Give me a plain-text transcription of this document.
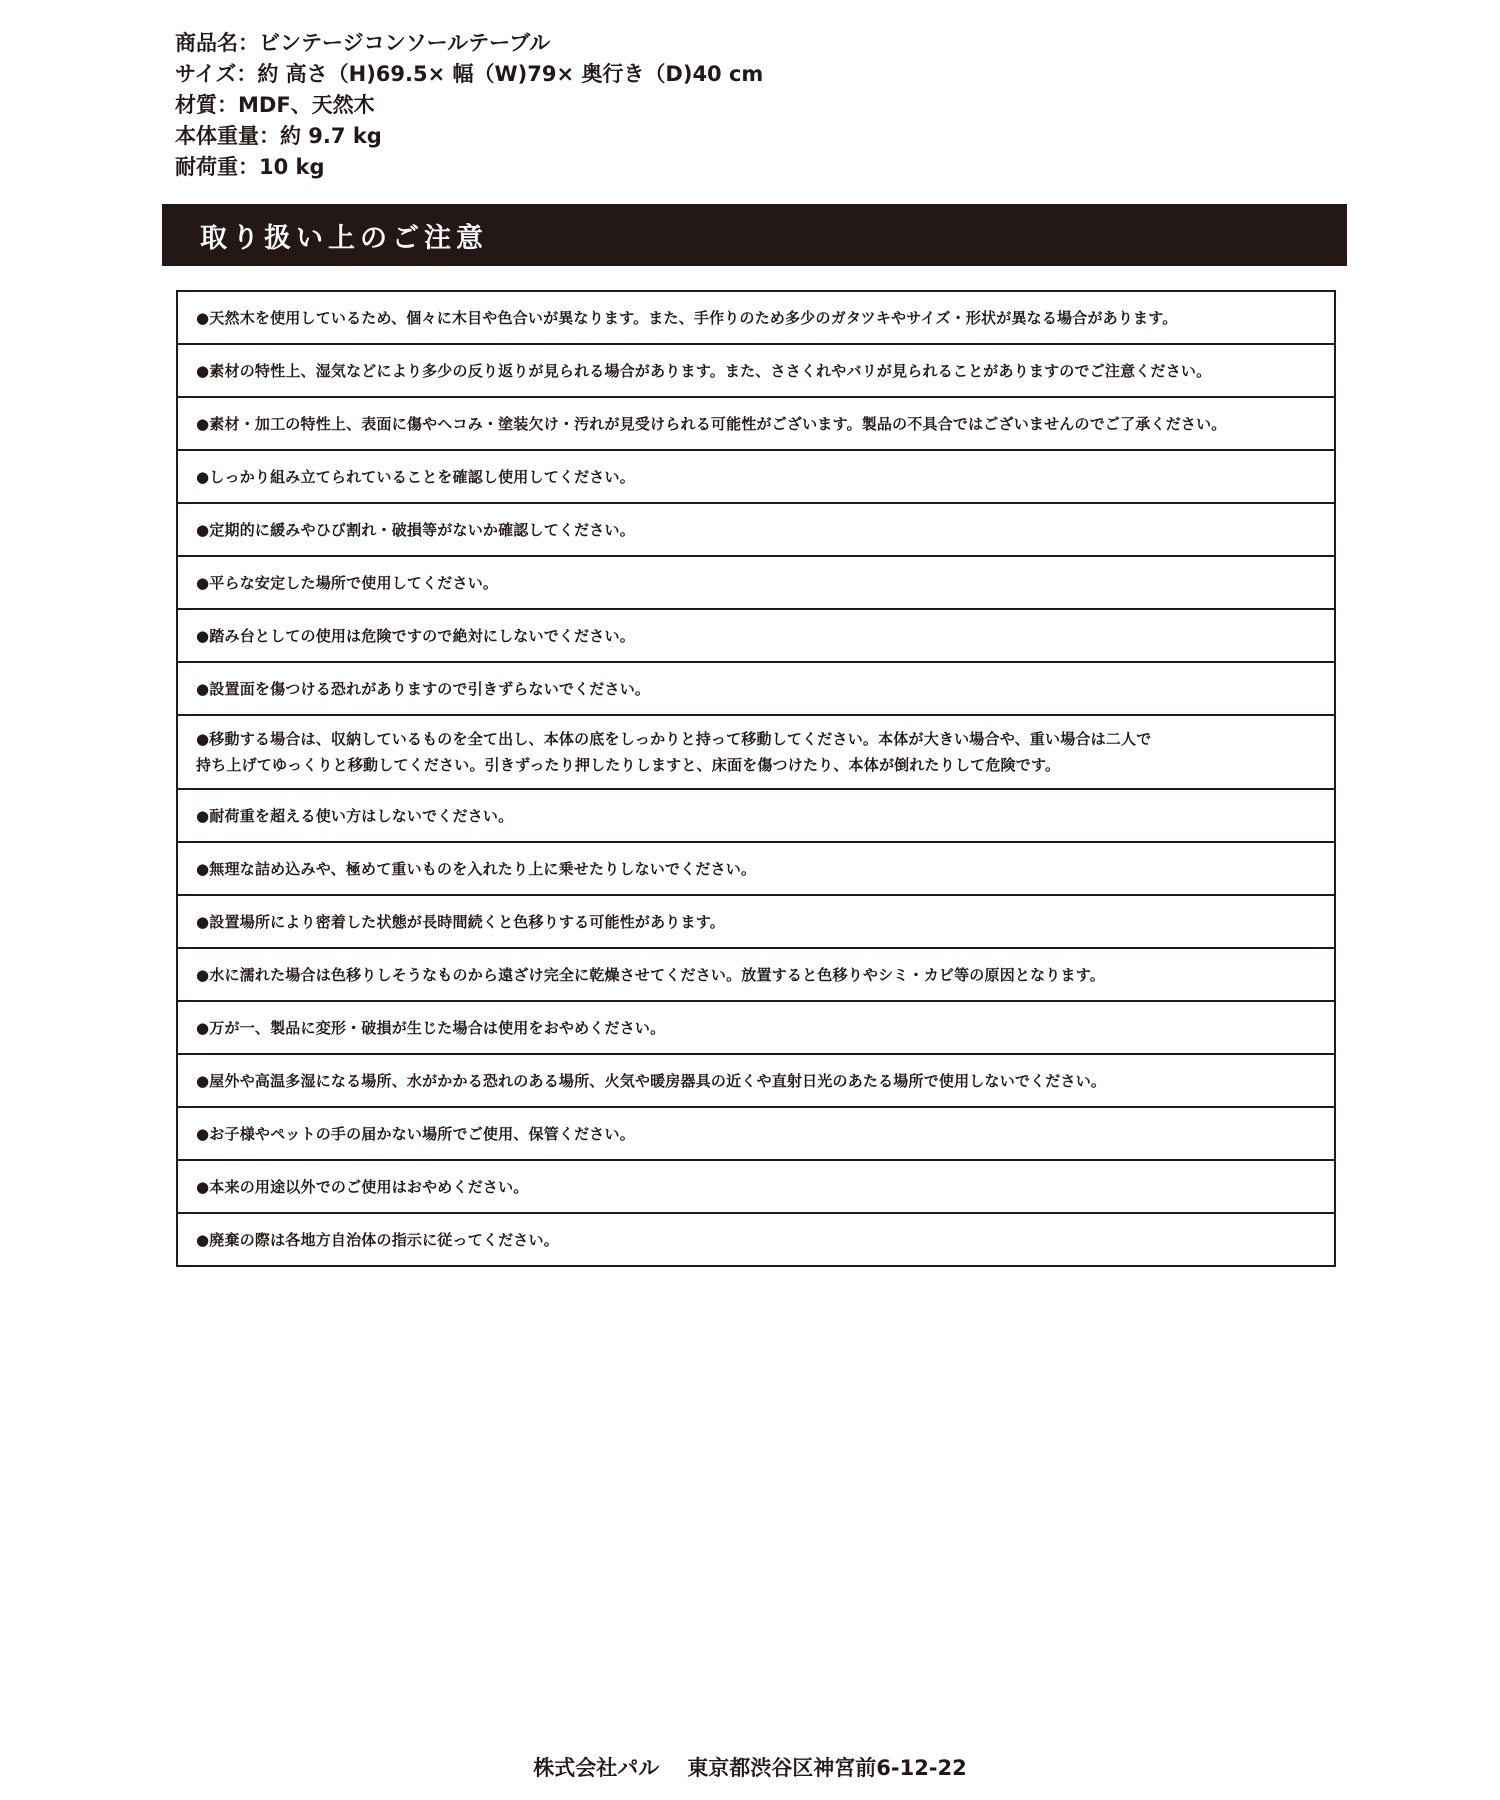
商品名：ビンテージコンソールテーブル
サイズ：約 高さ（H)69.5× 幅（W)79× 奥行き（D)40 cm
材質：MDF、天然木
本体重量：約 9.7 kg
耐荷重：10 kg
取り扱い上のご注意
●天然木を使用しているため、個々に木目や色合いが異なります。また、手作りのため多少のガタツキやサイズ・形状が異なる場合があります。
●素材の特性上、湿気などにより多少の反り返りが見られる場合があります。また、ささくれやバリが見られることがありますのでご注意ください。
●素材・加工の特性上、表面に傷やヘコみ・塗装欠け・汚れが見受けられる可能性がございます。製品の不具合ではございませんのでご了承ください。
●しっかり組み立てられていることを確認し使用してください。
●定期的に緩みやひび割れ・破損等がないか確認してください。
●平らな安定した場所で使用してください。
●踏み台としての使用は危険ですので絶対にしないでください。
●設置面を傷つける恐れがありますので引きずらないでください。
●移動する場合は、収納しているものを全て出し、本体の底をしっかりと持って移動してください。本体が大きい場合や、重い場合は二人で
持ち上げてゆっくりと移動してください。引きずったり押したりしますと、床面を傷つけたり、本体が倒れたりして危険です。
●耐荷重を超える使い方はしないでください。
●無理な詰め込みや、極めて重いものを入れたり上に乗せたりしないでください。
●設置場所により密着した状態が長時間続くと色移りする可能性があります。
●水に濡れた場合は色移りしそうなものから遠ざけ完全に乾燥させてください。放置すると色移りやシミ・カビ等の原因となります。
●万が一、製品に変形・破損が生じた場合は使用をおやめください。
●屋外や高温多湿になる場所、水がかかる恐れのある場所、火気や暖房器具の近くや直射日光のあたる場所で使用しないでください。
●お子様やペットの手の届かない場所でご使用、保管ください。
●本来の用途以外でのご使用はおやめください。
●廃棄の際は各地方自治体の指示に従ってください。
株式会社パル 東京都渋谷区神宮前6-12-22
